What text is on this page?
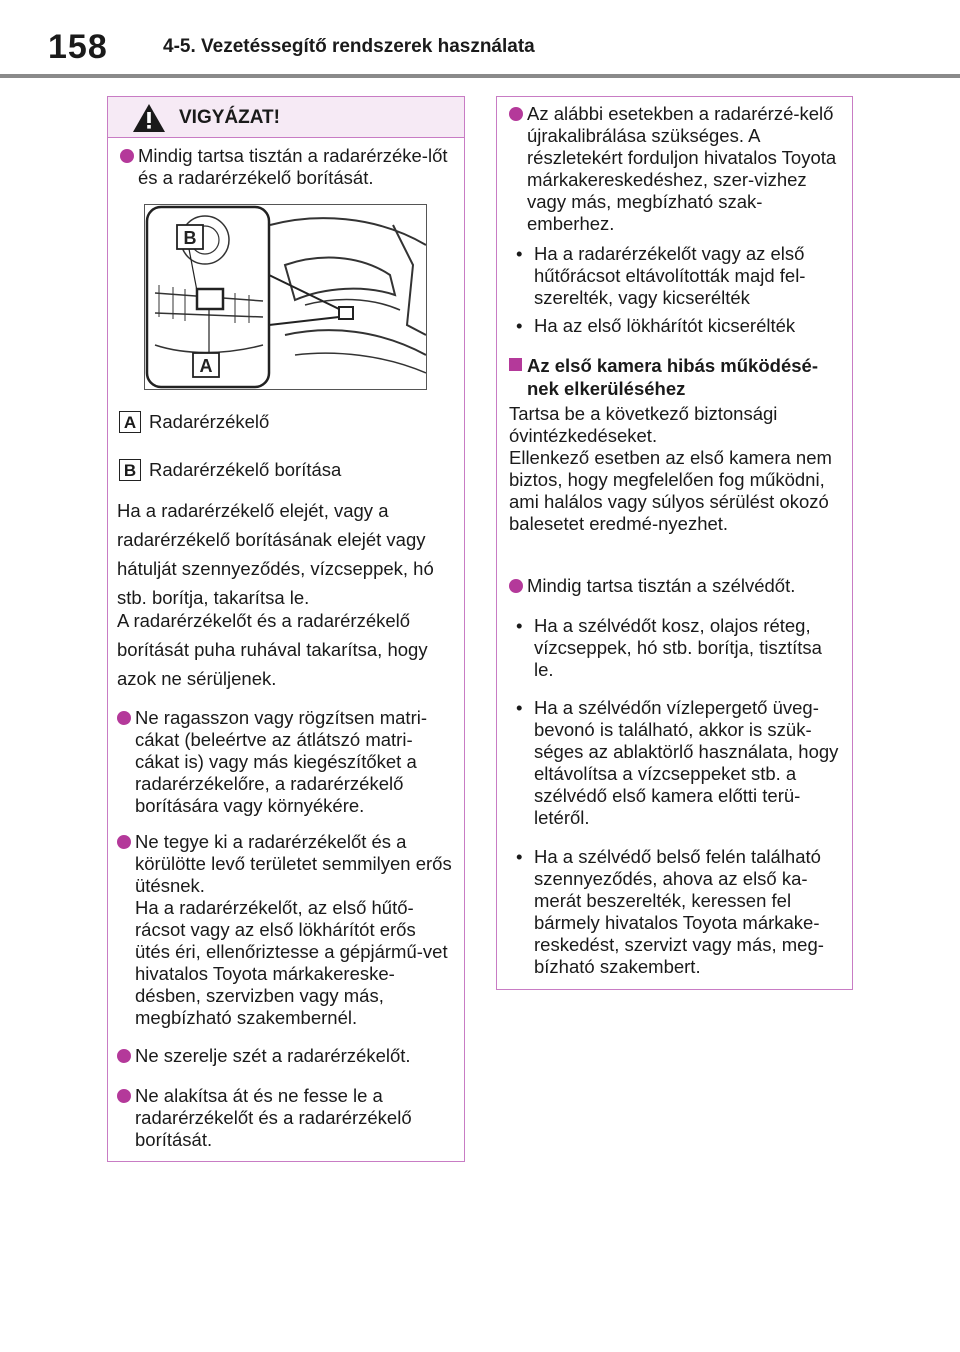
158	4-5. Vezetéssegítő rendszerek használata
VIGYÁZAT!

Mindig tartsa tisztán a radarérzéke-lőt és a radarérzékelő borítását.

B
A
A Radarérzékelő
B Radarérzékelő borítása
Ha a radarérzékelő elejét, vagy a radarérzékelő borításának elejét vagy hátulját szennyeződés, vízcseppek, hó stb. borítja, takarítsa le.
A radarérzékelőt és a radarérzékelő borítását puha ruhával takarítsa, hogy azok ne sérüljenek.

Ne ragasszon vagy rögzítsen matri-cákat (beleértve az átlátszó matri-cákat is) vagy más kiegészítőket a radarérzékelőre, a radarérzékelő borítására vagy környékére.

Ne tegye ki a radarérzékelőt és a körülötte levő területet semmilyen erős ütésnek.

Ha a radarérzékelőt, az első hűtő-rácsot vagy az első lökhárítót erős ütés éri, ellenőriztesse a gépjármű-vet hivatalos Toyota márkakereske-désben, szervizben vagy más, megbízható szakembernél.

Ne szerelje szét a radarérzékelőt.

Ne alakítsa át és ne fesse le a radarérzékelőt és a radarérzékelő borítását.

Az alábbi esetekben a radarérzé-kelő újrakalibrálása szükséges. A részletekért forduljon hivatalos Toyota márkakereskedéshez, szer-vizhez vagy más, megbízható szak-emberhez.

• Ha a radarérzékelőt vagy az első hűtőrácsot eltávolították majd fel-szerelték, vagy kicserélték

• Ha az első lökhárítót kicserélték

Az első kamera hibás működésé-nek elkerüléséhez

Tartsa be a következő biztonsági óvintézkedéseket.

Ellenkező esetben az első kamera nem biztos, hogy megfelelően fog működni, ami halálos vagy súlyos sérülést okozó balesetet eredmé-nyezhet.

Mindig tartsa tisztán a szélvédőt.

• Ha a szélvédőt kosz, olajos réteg, vízcseppek, hó stb. borítja, tisztítsa le.

• Ha a szélvédőn vízlepergető üveg-bevonó is található, akkor is szük-séges az ablaktörlő használata, hogy eltávolítsa a vízcseppeket stb. a szélvédő első kamera előtti terü-letéről.

• Ha a szélvédő belső felén található szennyeződés, ahova az első ka-merát beszerelték, keressen fel bármely hivatalos Toyota márkake-reskedést, szervizt vagy más, meg-bízható szakembert.
